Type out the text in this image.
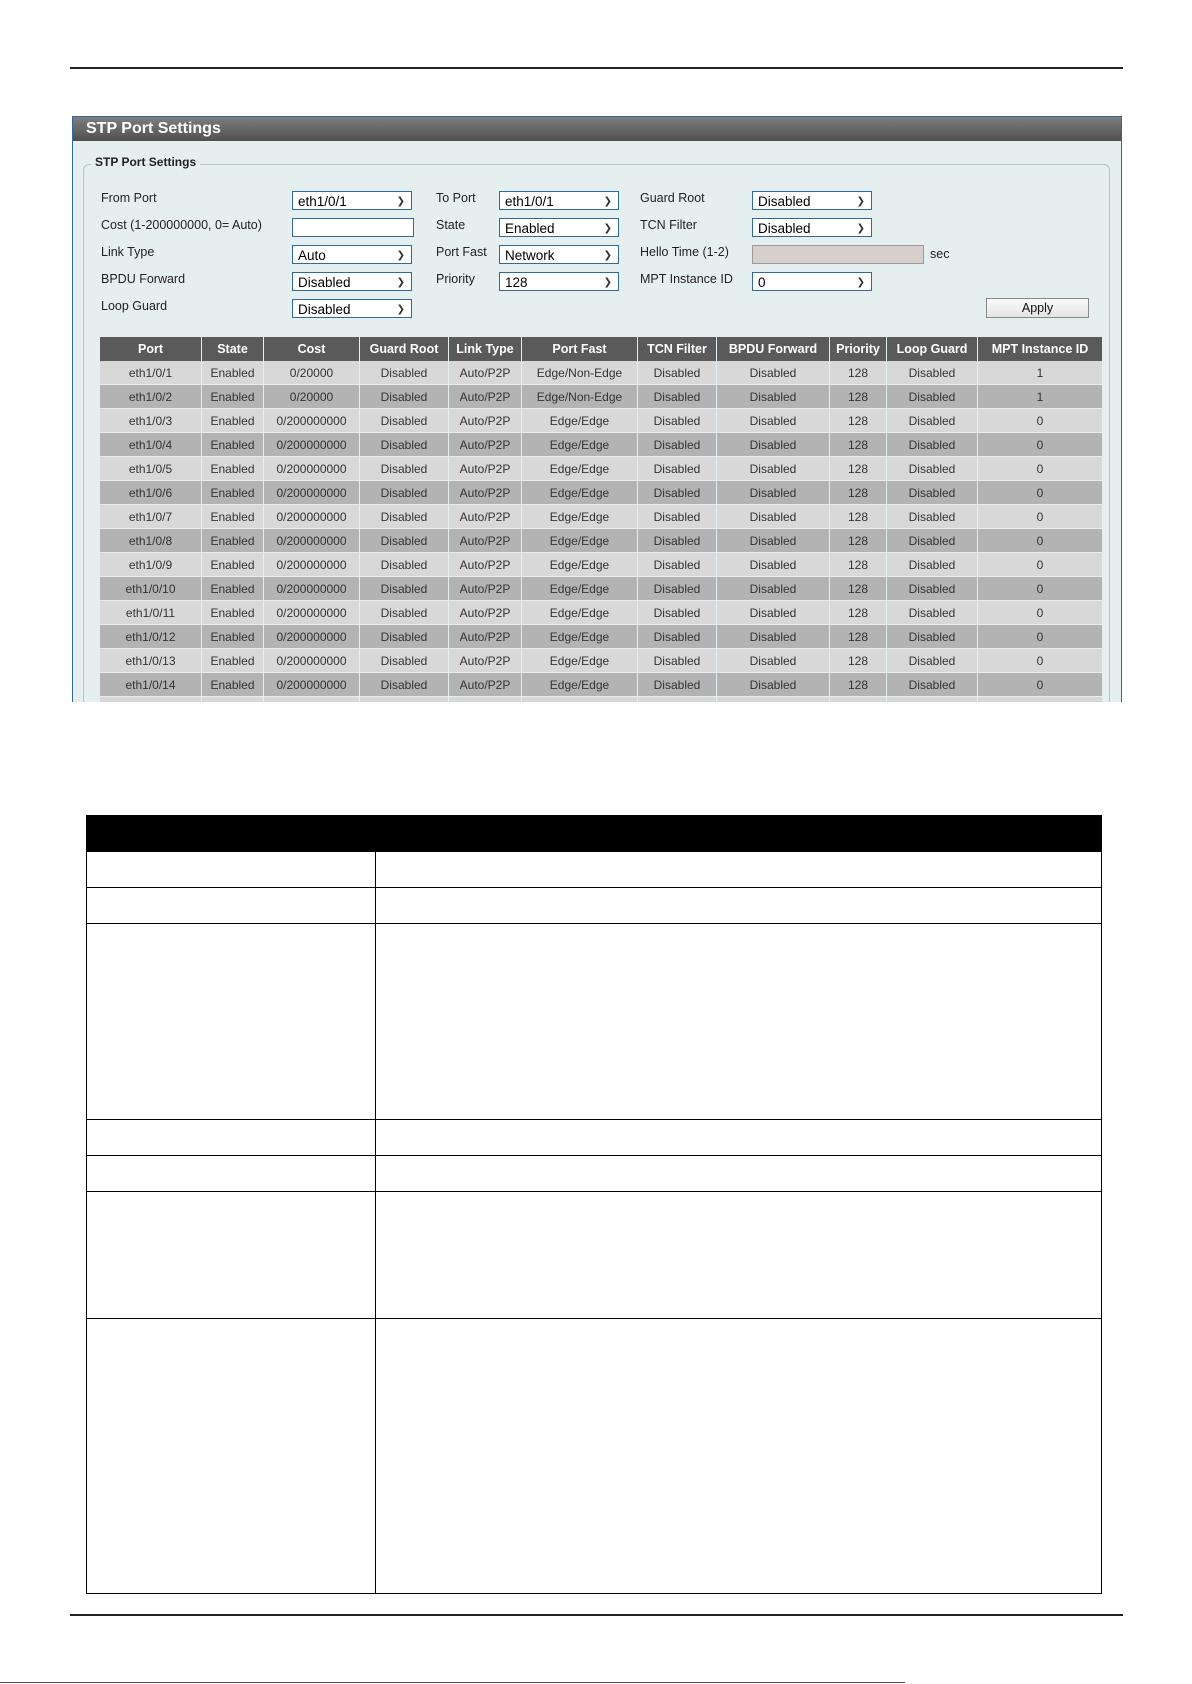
STP Port Settings
STP Port Settings
From Port	eth1/0/1	❯ To Port	eth1/0/1	❯ Guard Root	Disabled	❯
Cost (1-200000000, 0= Auto)	State	Enabled	❯ TCN Filter	Disabled	❯
Link Type	Auto	❯ Port Fast	Network	❯ Hello Time (1-2)	sec
BPDU Forward	Disabled	❯ Priority	128	❯ MPT Instance ID	0	❯
Loop Guard	Disabled	❯	Apply
Port	State	Cost	Guard Root	Link Type	Port Fast	TCN Filter	BPDU Forward	Priority	Loop Guard	MPT Instance ID
eth1/0/1	Enabled	0/20000	Disabled	Auto/P2P	Edge/Non-Edge	Disabled	Disabled	128	Disabled	1
eth1/0/2	Enabled	0/20000	Disabled	Auto/P2P	Edge/Non-Edge	Disabled	Disabled	128	Disabled	1
eth1/0/3	Enabled	0/200000000	Disabled	Auto/P2P	Edge/Edge	Disabled	Disabled	128	Disabled	0
eth1/0/4	Enabled	0/200000000	Disabled	Auto/P2P	Edge/Edge	Disabled	Disabled	128	Disabled	0
eth1/0/5	Enabled	0/200000000	Disabled	Auto/P2P	Edge/Edge	Disabled	Disabled	128	Disabled	0
eth1/0/6	Enabled	0/200000000	Disabled	Auto/P2P	Edge/Edge	Disabled	Disabled	128	Disabled	0
eth1/0/7	Enabled	0/200000000	Disabled	Auto/P2P	Edge/Edge	Disabled	Disabled	128	Disabled	0
eth1/0/8	Enabled	0/200000000	Disabled	Auto/P2P	Edge/Edge	Disabled	Disabled	128	Disabled	0
eth1/0/9	Enabled	0/200000000	Disabled	Auto/P2P	Edge/Edge	Disabled	Disabled	128	Disabled	0
eth1/0/10	Enabled	0/200000000	Disabled	Auto/P2P	Edge/Edge	Disabled	Disabled	128	Disabled	0
eth1/0/11	Enabled	0/200000000	Disabled	Auto/P2P	Edge/Edge	Disabled	Disabled	128	Disabled	0
eth1/0/12	Enabled	0/200000000	Disabled	Auto/P2P	Edge/Edge	Disabled	Disabled	128	Disabled	0
eth1/0/13	Enabled	0/200000000	Disabled	Auto/P2P	Edge/Edge	Disabled	Disabled	128	Disabled	0
eth1/0/14	Enabled	0/200000000	Disabled	Auto/P2P	Edge/Edge	Disabled	Disabled	128	Disabled	0
